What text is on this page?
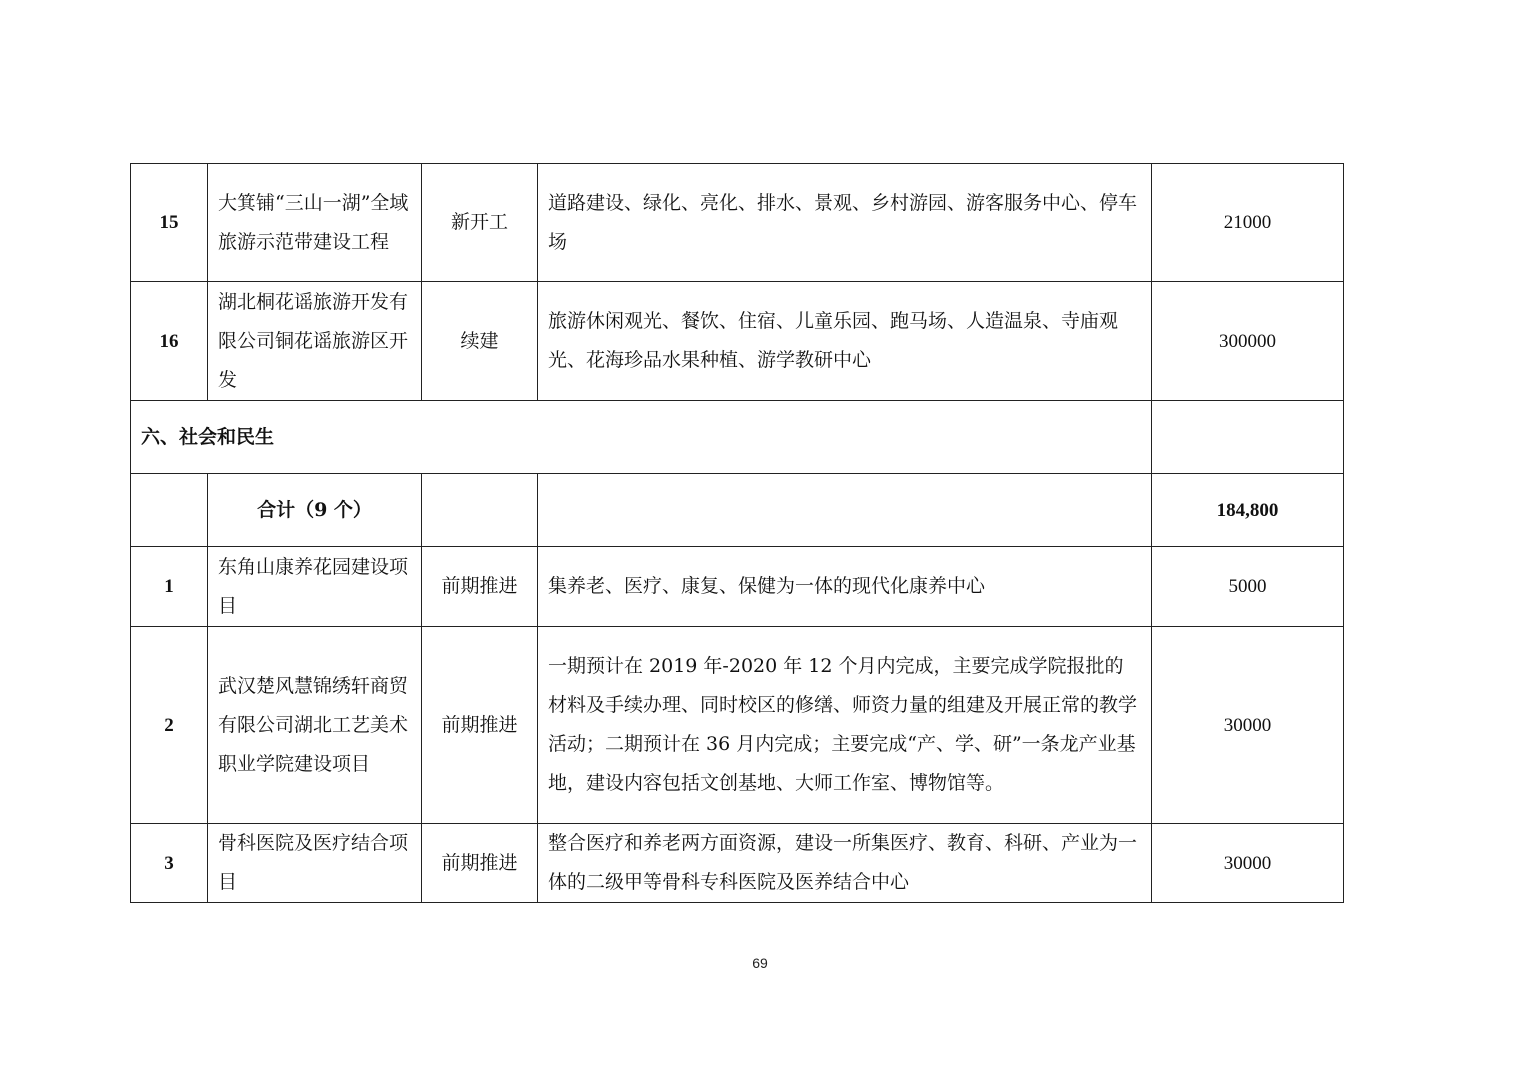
15	大箕铺“三山一湖”全域旅游示范带建设工程	新开工	道路建设、绿化、亮化、排水、景观、乡村游园、游客服务中心、停车场	21000
16	湖北桐花谣旅游开发有限公司铜花谣旅游区开发	续建	旅游休闲观光、餐饮、住宿、儿童乐园、跑马场、人造温泉、寺庙观光、花海珍品水果种植、游学教研中心	300000
六、社会和民生				
	合计（9 个）			184,800
1	东角山康养花园建设项目	前期推进	集养老、医疗、康复、保健为一体的现代化康养中心	5000
2	武汉楚风慧锦绣轩商贸有限公司湖北工艺美术职业学院建设项目	前期推进	一期预计在 2019 年-2020 年 12 个月内完成，主要完成学院报批的材料及手续办理、同时校区的修缮、师资力量的组建及开展正常的教学活动；二期预计在 36 月内完成；主要完成“产、学、研”一条龙产业基地，建设内容包括文创基地、大师工作室、博物馆等。	30000
3	骨科医院及医疗结合项目	前期推进	整合医疗和养老两方面资源，建设一所集医疗、教育、科研、产业为一体的二级甲等骨科专科医院及医养结合中心	30000
69
